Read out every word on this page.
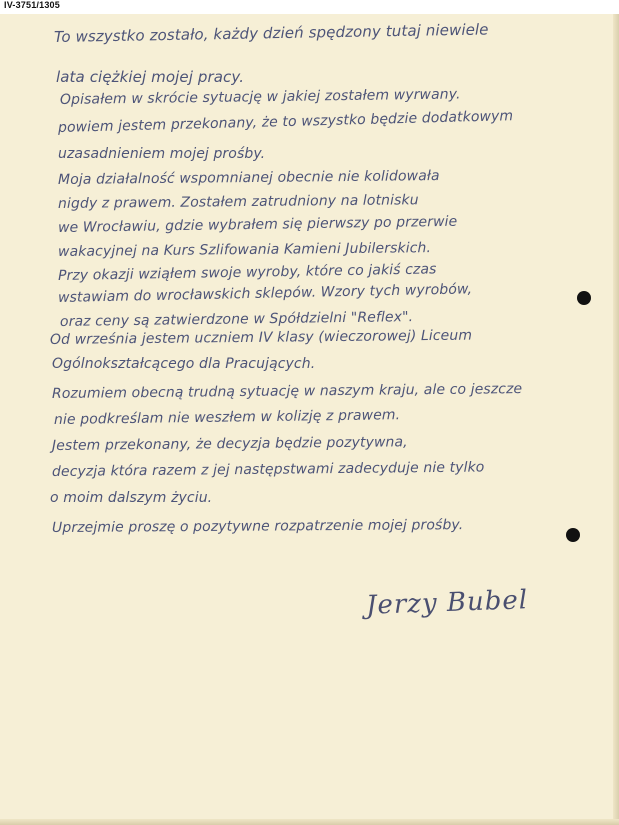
IV-3751/1305
To wszystko zostało, każdy dzień spędzony tutaj niewiele
lata ciężkiej mojej pracy.
Opisałem w skrócie sytuację w jakiej zostałem wyrwany.
powiem jestem przekonany, że to wszystko będzie dodatkowym
uzasadnieniem mojej prośby.
Moja działalność wspomnianej obecnie nie kolidowała
nigdy z prawem. Zostałem zatrudniony na lotnisku
we Wrocławiu, gdzie wybrałem się pierwszy po przerwie
wakacyjnej na Kurs Szlifowania Kamieni Jubilerskich.
Przy okazji wziąłem swoje wyroby, które co jakiś czas
wstawiam do wrocławskich sklepów. Wzory tych wyrobów,
oraz ceny są zatwierdzone w Spółdzielni "Reflex".
Od września jestem uczniem IV klasy (wieczorowej) Liceum
Ogólnokształcącego dla Pracujących.
Rozumiem obecną trudną sytuację w naszym kraju, ale co jeszcze
nie podkreślam nie weszłem w kolizję z prawem.
Jestem przekonany, że decyzja będzie pozytywna,
decyzja która razem z jej następstwami zadecyduje nie tylko
o moim dalszym życiu.
Uprzejmie proszę o pozytywne rozpatrzenie mojej prośby.
Jerzy Bubel
